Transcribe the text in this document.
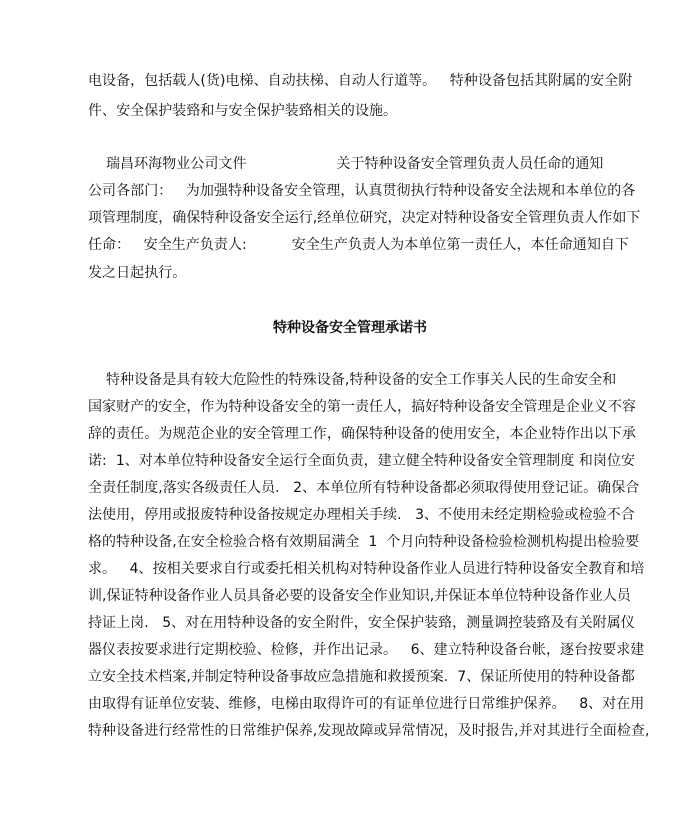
电设备，包括载人(货)电梯、自动扶梯、自动人行道等。   特种设备包括其附属的安全附
件、安全保护装臵和与安全保护装臵相关的设施。
瑞昌环海物业公司文件                    关于特种设备安全管理负责人员任命的通知
公司各部门：   为加强特种设备安全管理，认真贯彻执行特种设备安全法规和本单位的各
项管理制度，确保特种设备安全运行,经单位研究，决定对特种设备安全管理负责人作如下
任命：   安全生产负责人:          安全生产负责人为本单位第一责任人，本任命通知自下
发之日起执行。
特种设备安全管理承诺书
特种设备是具有较大危险性的特殊设备,特种设备的安全工作事关人民的生命安全和
国家财产的安全，作为特种设备安全的第一责任人，搞好特种设备安全管理是企业义不容
辞的责任。为规范企业的安全管理工作，确保特种设备的使用安全，本企业特作出以下承
诺:  1、对本单位特种设备安全运行全面负责，建立健全特种设备安全管理制度 和岗位安
全责任制度,落实各级责任人员.   2、本单位所有特种设备都必须取得使用登记证。确保合
法使用，停用或报废特种设备按规定办理相关手续.   3、不使用未经定期检验或检验不合
格的特种设备,在安全检验合格有效期届满全  1  个月向特种设备检验检测机构提出检验要
求。   4、按相关要求自行或委托相关机构对特种设备作业人员进行特种设备安全教育和培
训,保证特种设备作业人员具备必要的设备安全作业知识,并保证本单位特种设备作业人员
持证上岗.   5、对在用特种设备的安全附件，安全保护装臵，测量调控装臵及有关附属仪
器仪表按要求进行定期校验、检修，并作出记录。   6、建立特种设备台帐，逐台按要求建
立安全技术档案,并制定特种设备事故应急措施和救援预案.  7、保证所使用的特种设备都
由取得有证单位安装、维修，电梯由取得许可的有证单位进行日常维护保养。   8、对在用
特种设备进行经常性的日常维护保养,发现故障或异常情况，及时报告,并对其进行全面检查,
